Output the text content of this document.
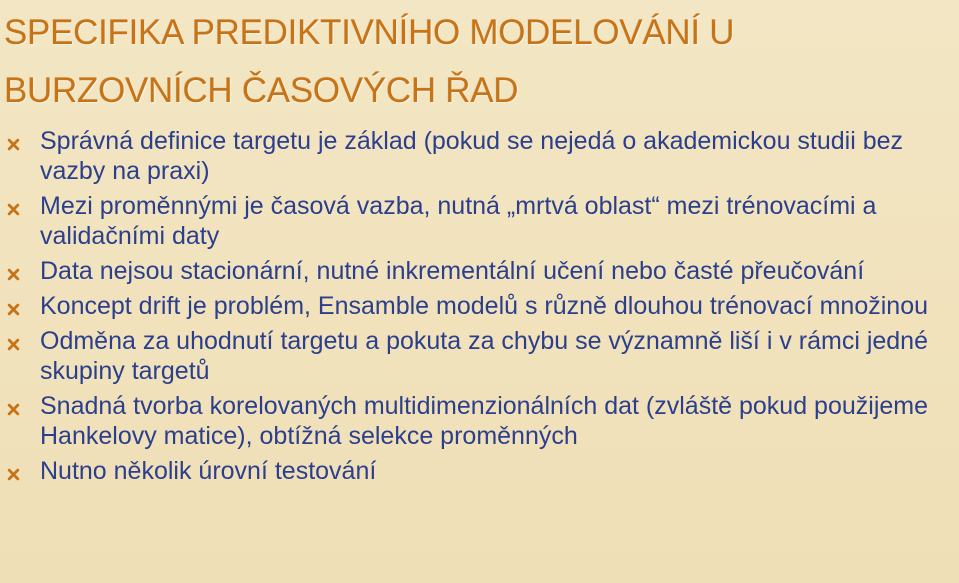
SPECIFIKA PREDIKTIVNÍHO MODELOVÁNÍ U BURZOVNÍCH ČASOVÝCH ŘAD
Správná definice targetu je základ (pokud se nejedá o akademickou studii bez vazby na praxi)
Mezi proměnnými je časová vazba, nutná „mrtvá oblast“ mezi trénovacími a validačními daty
Data nejsou stacionární, nutné inkrementální učení nebo časté přeučování
Koncept drift je problém, Ensamble modelů s různě dlouhou trénovací množinou
Odměna za uhodnutí targetu a pokuta za chybu se významně liší i v rámci jedné skupiny targetů
Snadná tvorba korelovaných multidimenzionálních dat (zvláště pokud použijeme Hankelovy matice), obtížná selekce proměnných
Nutno několik úrovní testování
